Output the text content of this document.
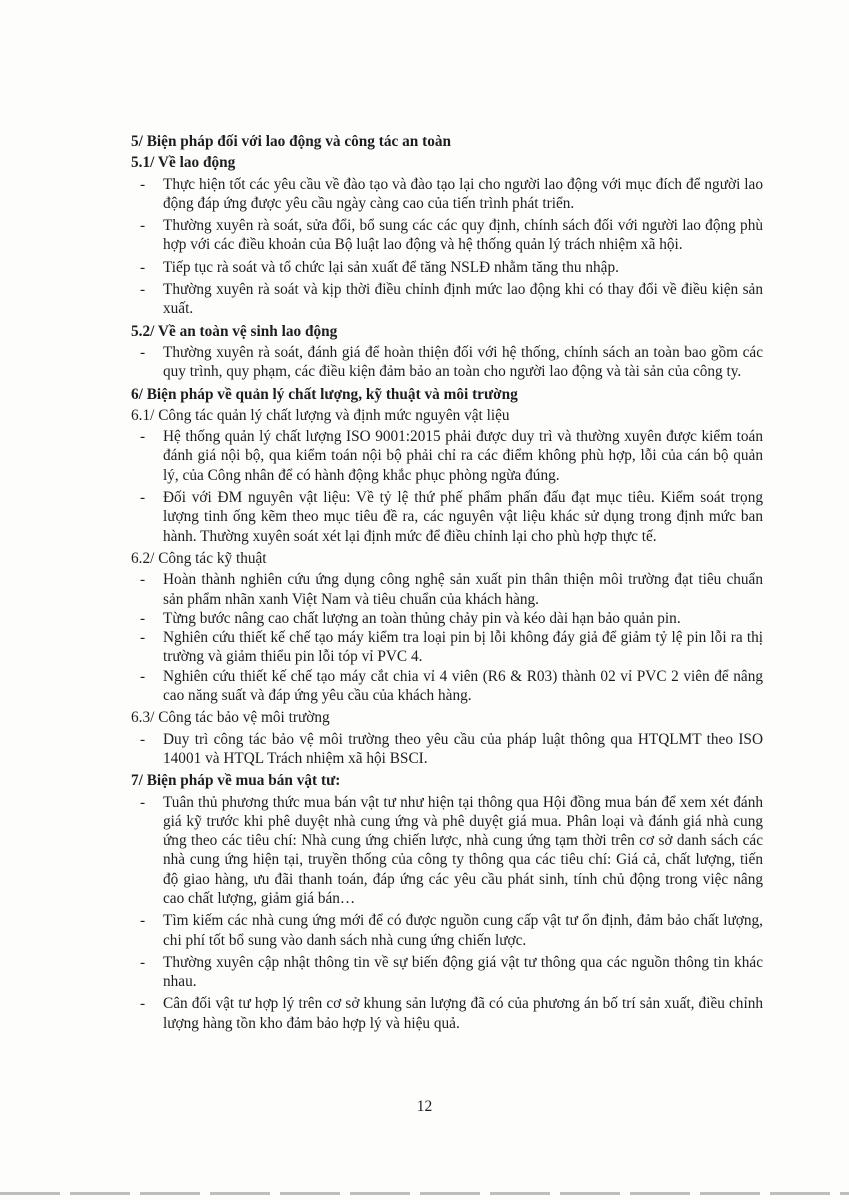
5/ Biện pháp đối với lao động và công tác an toàn
5.1/ Về lao động
- Thực hiện tốt các yêu cầu về đào tạo và đào tạo lại cho người lao động với mục đích để người lao động đáp ứng được yêu cầu ngày càng cao của tiến trình phát triển.
- Thường xuyên rà soát, sửa đổi, bổ sung các các quy định, chính sách đối với người lao động phù hợp với các điều khoản của Bộ luật lao động và hệ thống quản lý trách nhiệm xã hội.
- Tiếp tục rà soát và tổ chức lại sản xuất để tăng NSLĐ nhằm tăng thu nhập.
- Thường xuyên rà soát và kịp thời điều chỉnh định mức lao động khi có thay đổi về điều kiện sản xuất.
5.2/ Về an toàn vệ sinh lao động
- Thường xuyên rà soát, đánh giá để hoàn thiện đối với hệ thống, chính sách an toàn bao gồm các quy trình, quy phạm, các điều kiện đảm bảo an toàn cho người lao động và tài sản của công ty.
6/ Biện pháp về quản lý chất lượng, kỹ thuật và môi trường
6.1/ Công tác quản lý chất lượng và định mức nguyên vật liệu
- Hệ thống quản lý chất lượng ISO 9001:2015 phải được duy trì và thường xuyên được kiểm toán đánh giá nội bộ, qua kiểm toán nội bộ phải chỉ ra các điểm không phù hợp, lỗi của cán bộ quản lý, của Công nhân để có hành động khắc phục phòng ngừa đúng.
- Đối với ĐM nguyên vật liệu: Về tỷ lệ thứ phế phẩm phấn đấu đạt mục tiêu. Kiểm soát trọng lượng tinh ống kẽm theo mục tiêu đề ra, các nguyên vật liệu khác sử dụng trong định mức ban hành. Thường xuyên soát xét lại định mức để điều chỉnh lại cho phù hợp thực tế.
6.2/ Công tác kỹ thuật
- Hoàn thành nghiên cứu ứng dụng công nghệ sản xuất pin thân thiện môi trường đạt tiêu chuẩn sản phẩm nhãn xanh Việt Nam và tiêu chuẩn của khách hàng.
- Từng bước nâng cao chất lượng an toàn thủng chảy pin và kéo dài hạn bảo quản pin.
- Nghiên cứu thiết kế chế tạo máy kiểm tra loại pin bị lỗi không đáy giả để giảm tỷ lệ pin lỗi ra thị trường và giảm thiểu pin lỗi tóp vỉ PVC 4.
- Nghiên cứu thiết kế chế tạo máy cắt chia vỉ 4 viên (R6 & R03) thành 02 vỉ PVC 2 viên để nâng cao năng suất và đáp ứng yêu cầu của khách hàng.
6.3/ Công tác bảo vệ môi trường
- Duy trì công tác bảo vệ môi trường theo yêu cầu của pháp luật thông qua HTQLMT theo ISO 14001 và HTQL Trách nhiệm xã hội BSCI.
7/ Biện pháp về mua bán vật tư:
- Tuân thủ phương thức mua bán vật tư như hiện tại thông qua Hội đồng mua bán để xem xét đánh giá kỹ trước khi phê duyệt nhà cung ứng và phê duyệt giá mua. Phân loại và đánh giá nhà cung ứng theo các tiêu chí: Nhà cung ứng chiến lược, nhà cung ứng tạm thời trên cơ sở danh sách các nhà cung ứng hiện tại, truyền thống của công ty thông qua các tiêu chí: Giá cả, chất lượng, tiến độ giao hàng, ưu đãi thanh toán, đáp ứng các yêu cầu phát sinh, tính chủ động trong việc nâng cao chất lượng, giảm giá bán…
- Tìm kiếm các nhà cung ứng mới để có được nguồn cung cấp vật tư ổn định, đảm bảo chất lượng, chi phí tốt bổ sung vào danh sách nhà cung ứng chiến lược.
- Thường xuyên cập nhật thông tin về sự biến động giá vật tư thông qua các nguồn thông tin khác nhau.
- Cân đối vật tư hợp lý trên cơ sở khung sản lượng đã có của phương án bố trí sản xuất, điều chỉnh lượng hàng tồn kho đảm bảo hợp lý và hiệu quả.
12
